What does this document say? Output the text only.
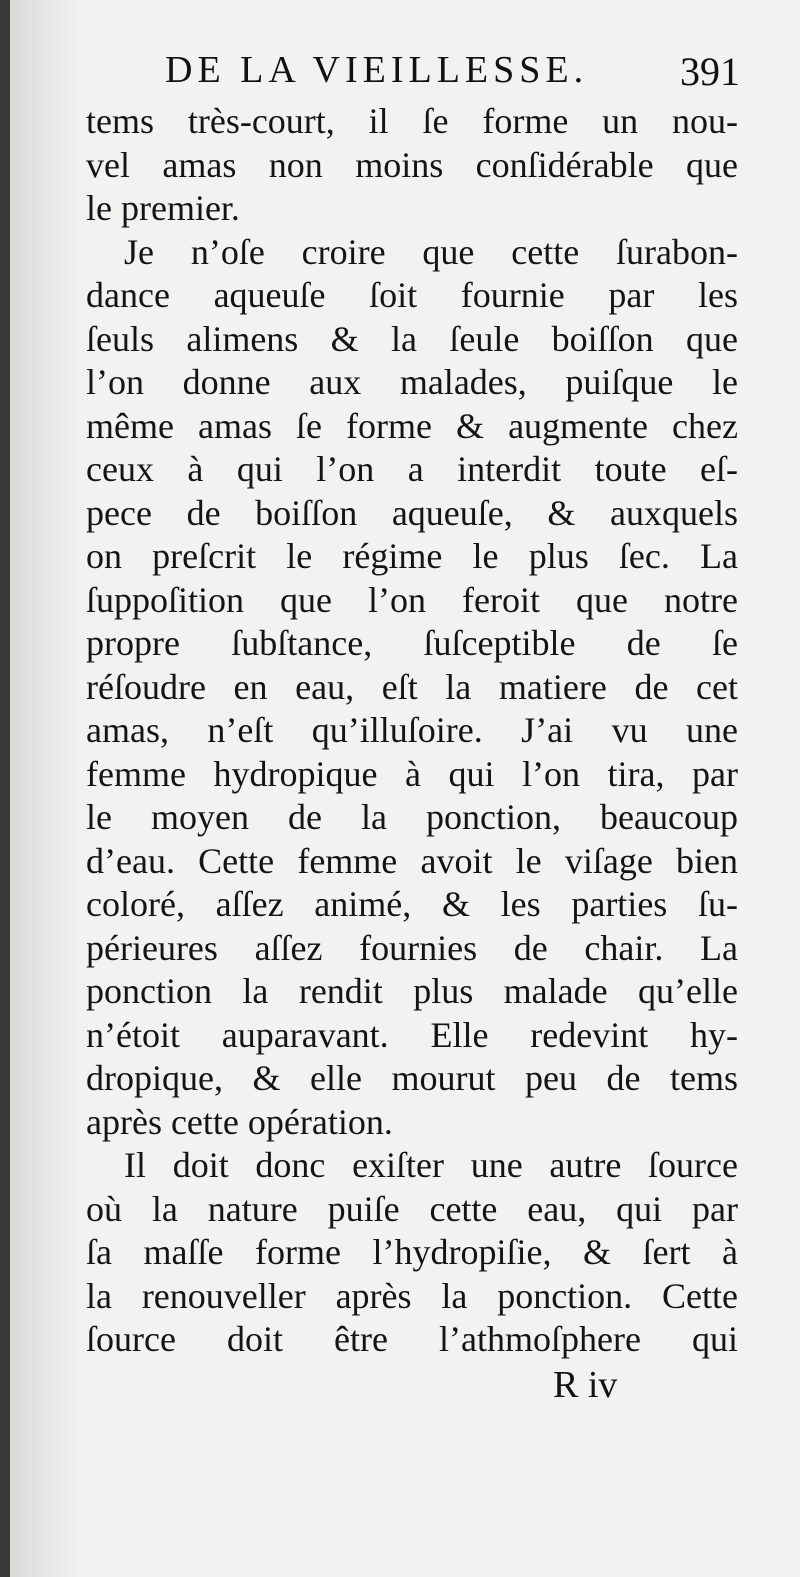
DE LA VIEILLESSE. 391
tems très-court, il ſe forme un nou-
vel amas non moins conſidérable que
le premier.
Je n’oſe croire que cette ſurabon-
dance aqueuſe ſoit fournie par les
ſeuls alimens & la ſeule boiſſon que
l’on donne aux malades, puiſque le
même amas ſe forme & augmente chez
ceux à qui l’on a interdit toute eſ-
pece de boiſſon aqueuſe, & auxquels
on preſcrit le régime le plus ſec. La
ſuppoſition que l’on feroit que notre
propre ſubſtance, ſuſceptible de ſe
réſoudre en eau, eſt la matiere de cet
amas, n’eſt qu’illuſoire. J’ai vu une
femme hydropique à qui l’on tira, par
le moyen de la ponction, beaucoup
d’eau. Cette femme avoit le viſage bien
coloré, aſſez animé, & les parties ſu-
périeures aſſez fournies de chair. La
ponction la rendit plus malade qu’elle
n’étoit auparavant. Elle redevint hy-
dropique, & elle mourut peu de tems
après cette opération.
Il doit donc exiſter une autre ſource
où la nature puiſe cette eau, qui par
ſa maſſe forme l’hydropiſie, & ſert à
la renouveller après la ponction. Cette
ſource doit être l’athmoſphere qui
R iv
